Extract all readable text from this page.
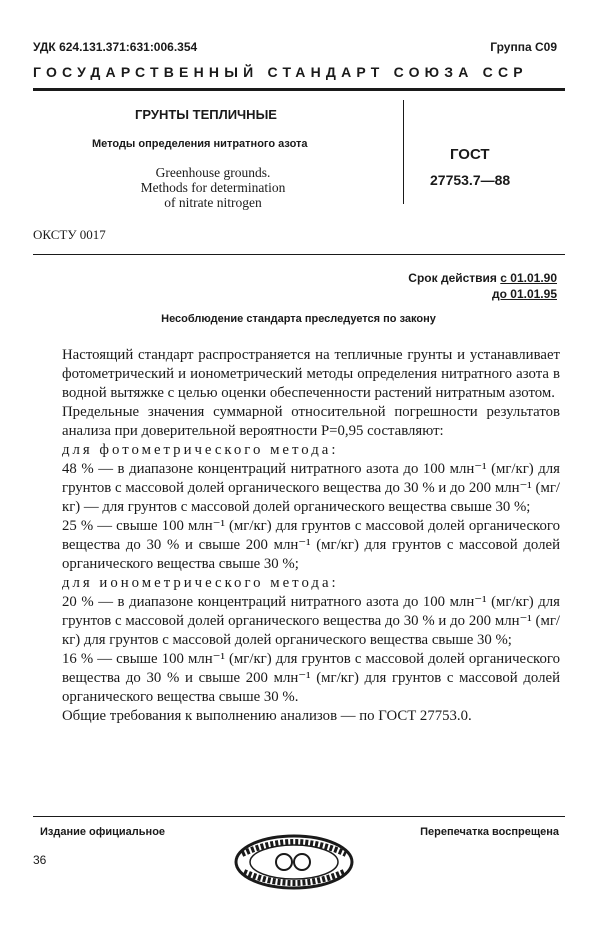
УДК 624.131.371:631:006.354	Группа С09
ГОСУДАРСТВЕННЫЙ СТАНДАРТ СОЮЗА ССР
ГРУНТЫ ТЕПЛИЧНЫЕ
Методы определения нитратного азота
Greenhouse grounds.
Methods for determination
of nitrate nitrogen
ГОСТ
27753.7—88
ОКСТУ 0017
Срок действия с 01.01.90
до 01.01.95
Несоблюдение стандарта преследуется по закону

Настоящий стандарт распространяется на тепличные грунты и устанавливает фотометрический и ионометрический методы определения нитратного азота в водной вытяжке с целью оценки обеспеченности растений нитратным азотом.

Предельные значения суммарной относительной погрешности результатов анализа при доверительной вероятности P=0,95 составляют:

для фотометрического метода:

48 % — в диапазоне концентраций нитратного азота до 100 млн⁻¹ (мг/кг) для грунтов с массовой долей органического вещества до 30 % и до 200 млн⁻¹ (мг/кг) — для грунтов с массовой долей органического вещества свыше 30 %;

25 % — свыше 100 млн⁻¹ (мг/кг) для грунтов с массовой долей органического вещества до 30 % и свыше 200 млн⁻¹ (мг/кг) для грунтов с массовой долей органического вещества свыше 30 %;

для ионометрического метода:

20 % — в диапазоне концентраций нитратного азота до 100 млн⁻¹ (мг/кг) для грунтов с массовой долей органического вещества до 30 % и до 200 млн⁻¹ (мг/кг) для грунтов с массовой долей органического вещества свыше 30 %;

16 % — свыше 100 млн⁻¹ (мг/кг) для грунтов с массовой долей органического вещества до 30 % и свыше 200 млн⁻¹ (мг/кг) для грунтов с массовой долей органического вещества свыше 30 %.

Общие требования к выполнению анализов — по ГОСТ 27753.0.

Издание официальное	Перепечатка воспрещена
36
